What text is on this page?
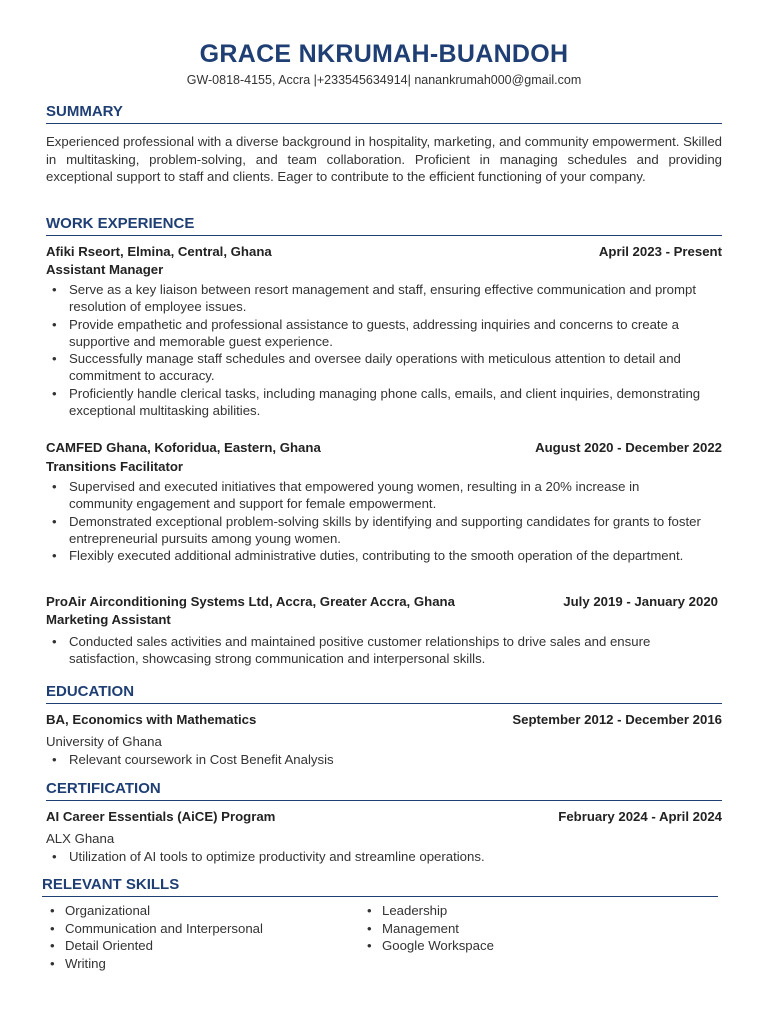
GRACE NKRUMAH-BUANDOH
GW-0818-4155, Accra |+233545634914| nanankrumah000@gmail.com
SUMMARY
Experienced professional with a diverse background in hospitality, marketing, and community empowerment. Skilled in multitasking, problem-solving, and team collaboration. Proficient in managing schedules and providing exceptional support to staff and clients. Eager to contribute to the efficient functioning of your company.
WORK EXPERIENCE
Afiki Rseort, Elmina, Central, Ghana	April 2023 - Present
Assistant Manager
• Serve as a key liaison between resort management and staff, ensuring effective communication and prompt resolution of employee issues.
• Provide empathetic and professional assistance to guests, addressing inquiries and concerns to create a supportive and memorable guest experience.
• Successfully manage staff schedules and oversee daily operations with meticulous attention to detail and commitment to accuracy.
• Proficiently handle clerical tasks, including managing phone calls, emails, and client inquiries, demonstrating exceptional multitasking abilities.
CAMFED Ghana, Koforidua, Eastern, Ghana	August 2020 - December 2022
Transitions Facilitator
• Supervised and executed initiatives that empowered young women, resulting in a 20% increase in community engagement and support for female empowerment.
• Demonstrated exceptional problem-solving skills by identifying and supporting candidates for grants to foster entrepreneurial pursuits among young women.
• Flexibly executed additional administrative duties, contributing to the smooth operation of the department.
ProAir Airconditioning Systems Ltd, Accra, Greater Accra, Ghana	July 2019 - January 2020
Marketing Assistant
• Conducted sales activities and maintained positive customer relationships to drive sales and ensure satisfaction, showcasing strong communication and interpersonal skills.
EDUCATION
BA, Economics with Mathematics	September 2012 - December 2016
University of Ghana
• Relevant coursework in Cost Benefit Analysis
CERTIFICATION
AI Career Essentials (AiCE) Program	February 2024 - April 2024
ALX Ghana
• Utilization of AI tools to optimize productivity and streamline operations.
RELEVANT SKILLS
• Organizational
• Communication and Interpersonal
• Detail Oriented
• Writing
• Leadership
• Management
• Google Workspace
